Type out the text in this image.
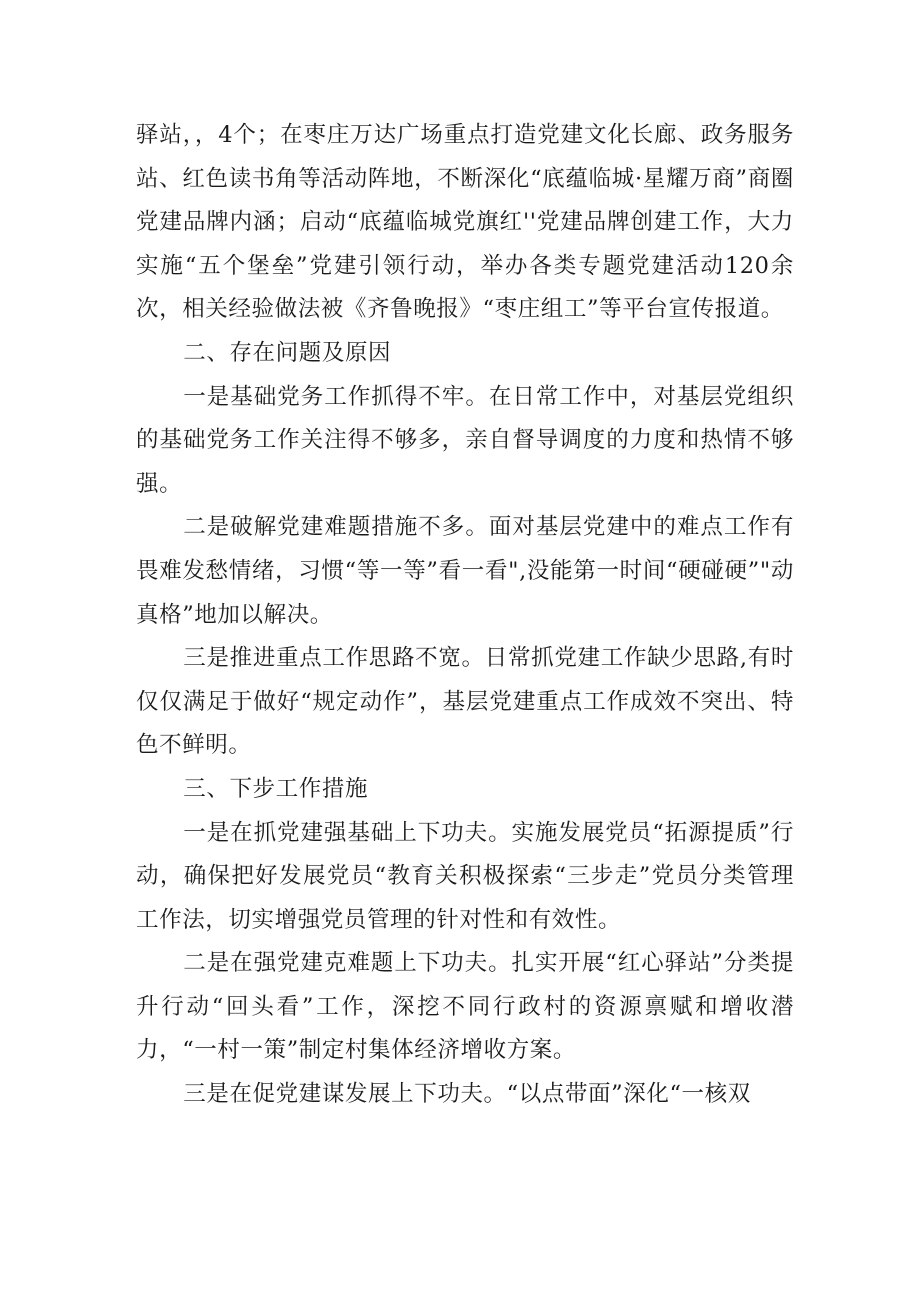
驿站，，4个；在枣庄万达广场重点打造党建文化长廊、政务服务站、红色读书角等活动阵地，不断深化“底蕴临城·星耀万商”商圈党建品牌内涵；启动“底蕴临城党旗红''党建品牌创建工作，大力实施“五个堡垒”党建引领行动，举办各类专题党建活动120余次，相关经验做法被《齐鲁晚报》“枣庄组工”等平台宣传报道。

二、存在问题及原因

一是基础党务工作抓得不牢。在日常工作中，对基层党组织的基础党务工作关注得不够多，亲自督导调度的力度和热情不够强。

二是破解党建难题措施不多。面对基层党建中的难点工作有畏难发愁情绪，习惯“等一等”看一看",没能第一时间“硬碰硬”"动真格”地加以解决。

三是推进重点工作思路不宽。日常抓党建工作缺少思路,有时仅仅满足于做好“规定动作”，基层党建重点工作成效不突出、特色不鲜明。

三、下步工作措施

一是在抓党建强基础上下功夫。实施发展党员“拓源提质”行动，确保把好发展党员“教育关积极探索“三步走”党员分类管理工作法，切实增强党员管理的针对性和有效性。

二是在强党建克难题上下功夫。扎实开展“红心驿站”分类提升行动“回头看”工作，深挖不同行政村的资源禀赋和增收潜力，“一村一策”制定村集体经济增收方案。

三是在促党建谋发展上下功夫。“以点带面”深化“一核双
